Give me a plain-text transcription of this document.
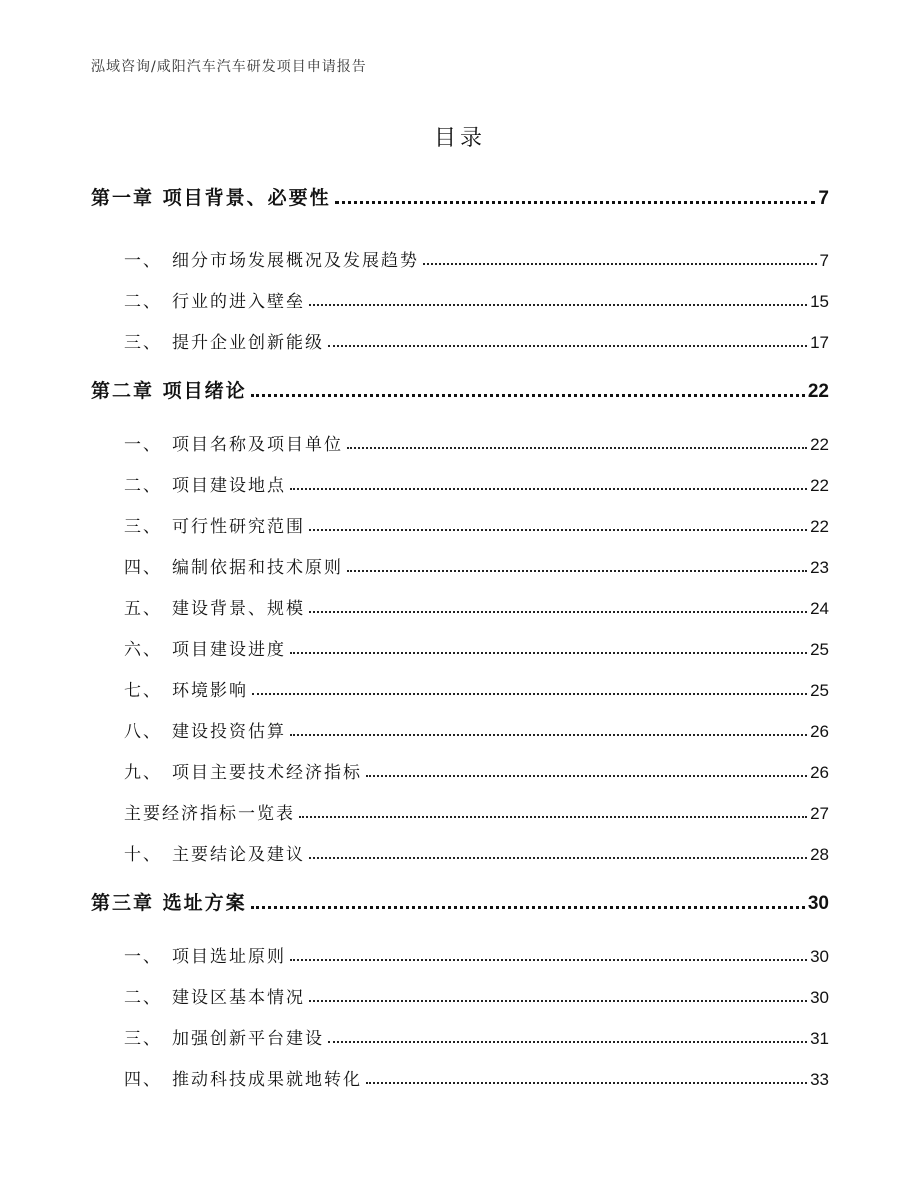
泓域咨询/咸阳汽车汽车研发项目申请报告
目录
第一章 项目背景、必要性	7
一、 细分市场发展概况及发展趋势	7
二、 行业的进入壁垒	15
三、 提升企业创新能级	17
第二章 项目绪论	22
一、 项目名称及项目单位	22
二、 项目建设地点	22
三、 可行性研究范围	22
四、 编制依据和技术原则	23
五、 建设背景、规模	24
六、 项目建设进度	25
七、 环境影响	25
八、 建设投资估算	26
九、 项目主要技术经济指标	26
主要经济指标一览表	27
十、 主要结论及建议	28
第三章 选址方案	30
一、 项目选址原则	30
二、 建设区基本情况	30
三、 加强创新平台建设	31
四、 推动科技成果就地转化	33
